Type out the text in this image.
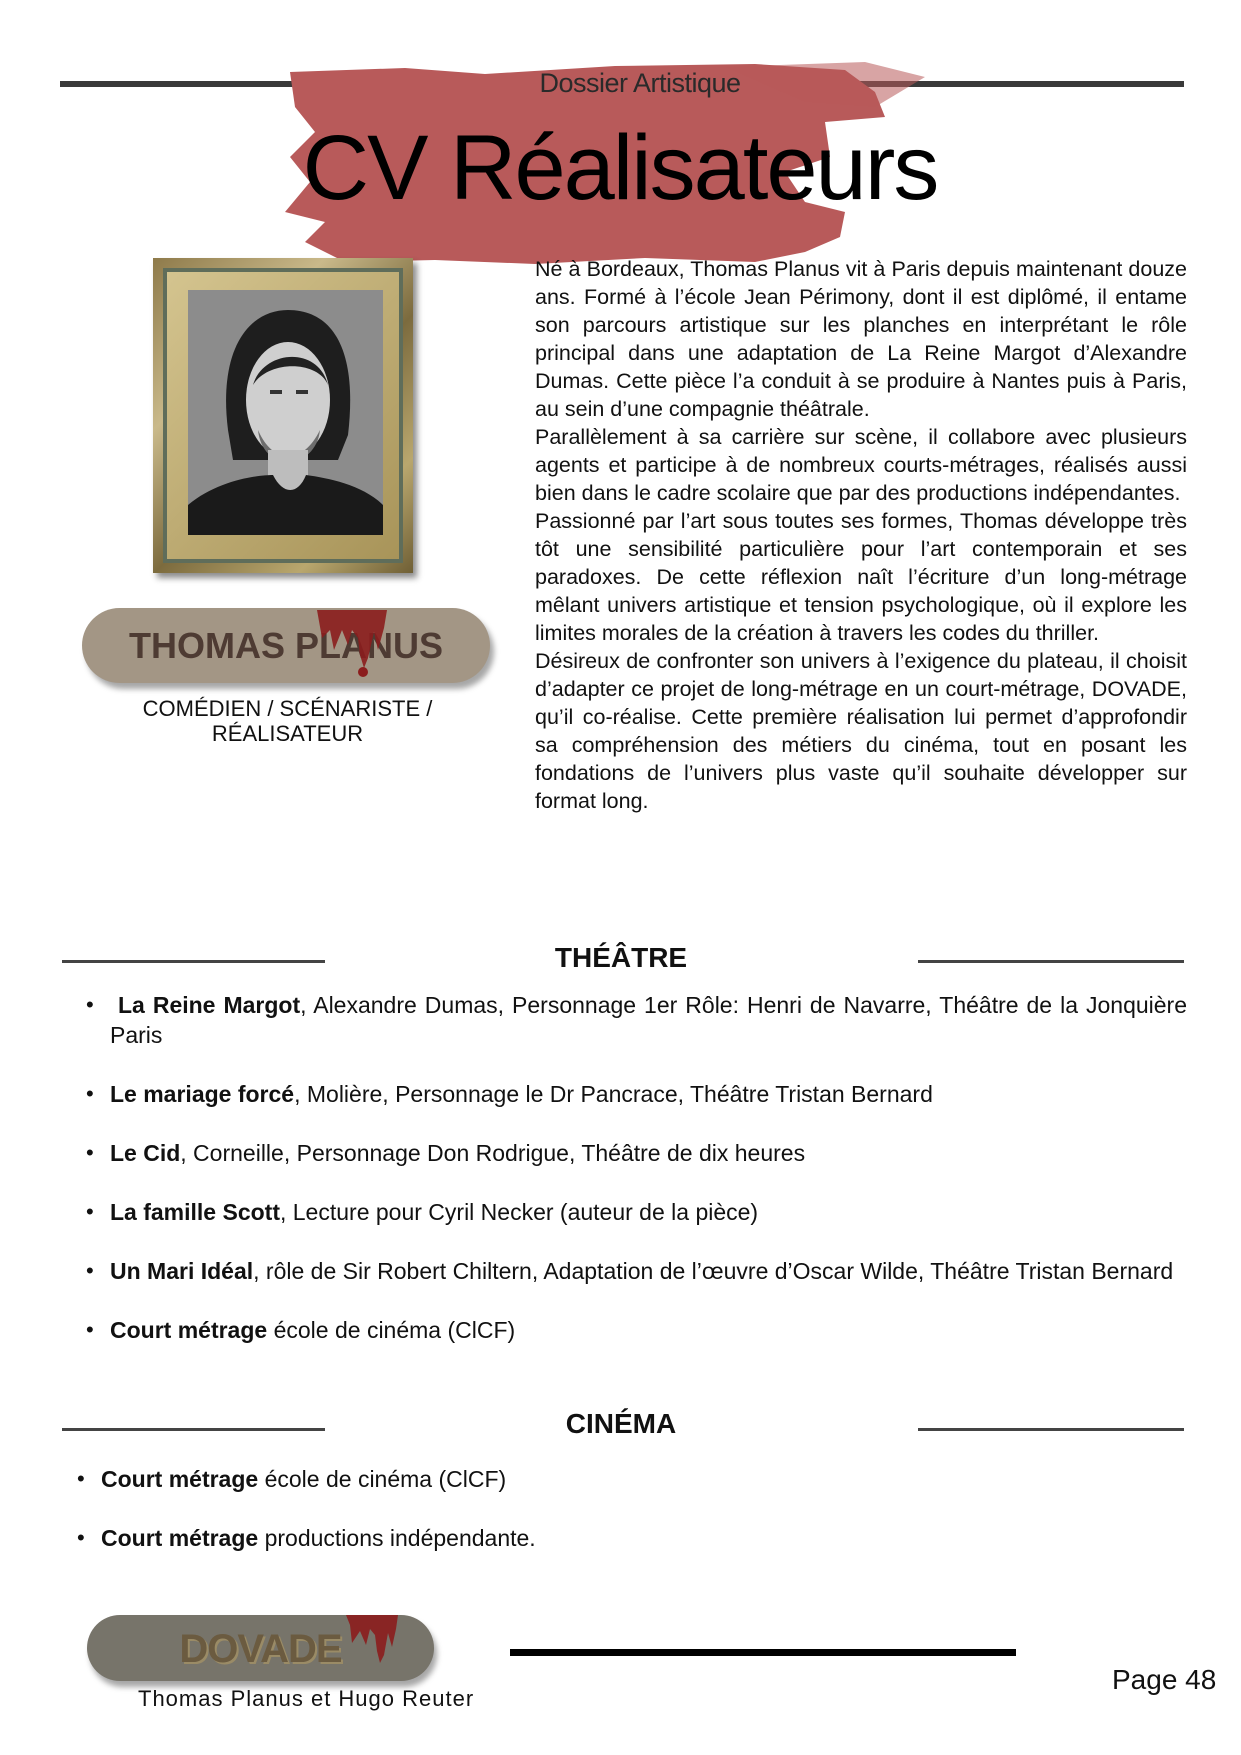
Dossier Artistique
CV Réalisateurs
THOMAS PLANUS
COMÉDIEN / SCÉNARISTE /
RÉALISATEUR

Né à Bordeaux, Thomas Planus vit à Paris depuis maintenant douze ans. Formé à l’école Jean Périmony, dont il est diplômé, il entame son parcours artistique sur les planches en interprétant le rôle principal dans une adaptation de La Reine Margot d’Alexandre Dumas. Cette pièce l’a conduit à se produire à Nantes puis à Paris, au sein d’une compagnie théâtrale.

Parallèlement à sa carrière sur scène, il collabore avec plusieurs agents et participe à de nombreux courts-métrages, réalisés aussi bien dans le cadre scolaire que par des productions indépendantes.

Passionné par l’art sous toutes ses formes, Thomas développe très tôt une sensibilité particulière pour l’art contemporain et ses paradoxes. De cette réflexion naît l’écriture d’un long-métrage mêlant univers artistique et tension psychologique, où il explore les limites morales de la création à travers les codes du thriller.

Désireux de confronter son univers à l’exigence du plateau, il choisit d’adapter ce projet de long-métrage en un court-métrage, DOVADE, qu’il co-réalise. Cette première réalisation lui permet d’approfondir sa compréhension des métiers du cinéma, tout en posant les fondations de l’univers plus vaste qu’il souhaite développer sur format long.

THÉÂTRE
• La Reine Margot, Alexandre Dumas, Personnage 1er Rôle: Henri de Navarre, Théâtre de la Jonquière Paris
• Le mariage forcé, Molière, Personnage le Dr Pancrace, Théâtre Tristan Bernard
• Le Cid, Corneille, Personnage Don Rodrigue, Théâtre de dix heures
• La famille Scott, Lecture pour Cyril Necker (auteur de la pièce)
• Un Mari Idéal, rôle de Sir Robert Chiltern, Adaptation de l’œuvre d’Oscar Wilde, Théâtre Tristan Bernard
• Court métrage école de cinéma (ClCF)
CINÉMA
• Court métrage école de cinéma (ClCF)
• Court métrage productions indépendante.
DOVADE
Thomas Planus et Hugo Reuter
Page 48
